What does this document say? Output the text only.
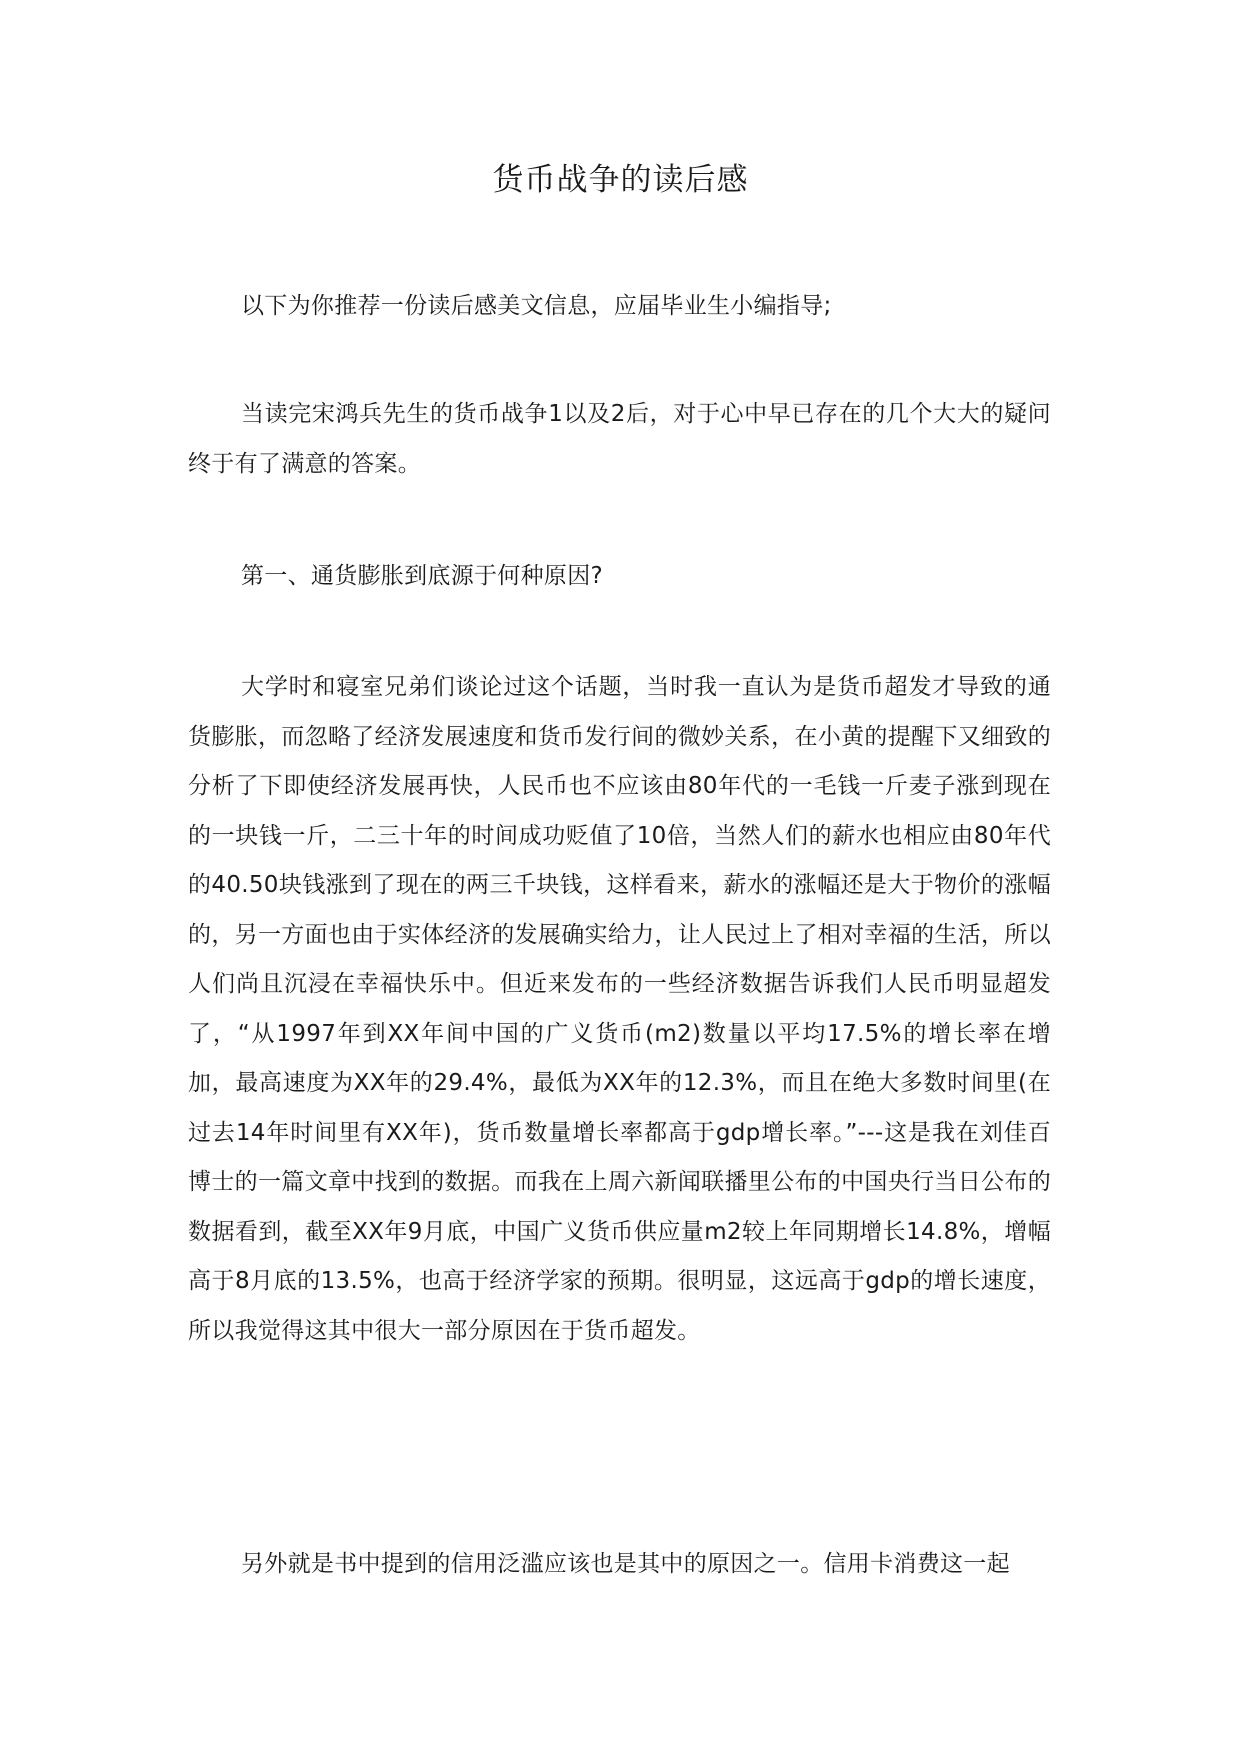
货币战争的读后感

以下为你推荐一份读后感美文信息，应届毕业生小编指导;

当读完宋鸿兵先生的货币战争1以及2后，对于心中早已存在的几个大大的疑问终于有了满意的答案。

第一、通货膨胀到底源于何种原因?

大学时和寝室兄弟们谈论过这个话题，当时我一直认为是货币超发才导致的通货膨胀，而忽略了经济发展速度和货币发行间的微妙关系，在小黄的提醒下又细致的分析了下即使经济发展再快，人民币也不应该由80年代的一毛钱一斤麦子涨到现在的一块钱一斤，二三十年的时间成功贬值了10倍，当然人们的薪水也相应由80年代的40.50块钱涨到了现在的两三千块钱，这样看来，薪水的涨幅还是大于物价的涨幅的，另一方面也由于实体经济的发展确实给力，让人民过上了相对幸福的生活，所以人们尚且沉浸在幸福快乐中。但近来发布的一些经济数据告诉我们人民币明显超发了，“从1997年到XX年间中国的广义货币(m2)数量以平均17.5%的增长率在增加，最高速度为XX年的29.4%，最低为XX年的12.3%，而且在绝大多数时间里(在过去14年时间里有XX年)，货币数量增长率都高于gdp增长率。”---这是我在刘佳百博士的一篇文章中找到的数据。而我在上周六新闻联播里公布的中国央行当日公布的数据看到，截至XX年9月底，中国广义货币供应量m2较上年同期增长14.8%，增幅高于8月底的13.5%，也高于经济学家的预期。很明显，这远高于gdp的增长速度，所以我觉得这其中很大一部分原因在于货币超发。

另外就是书中提到的信用泛滥应该也是其中的原因之一。信用卡消费这一起
